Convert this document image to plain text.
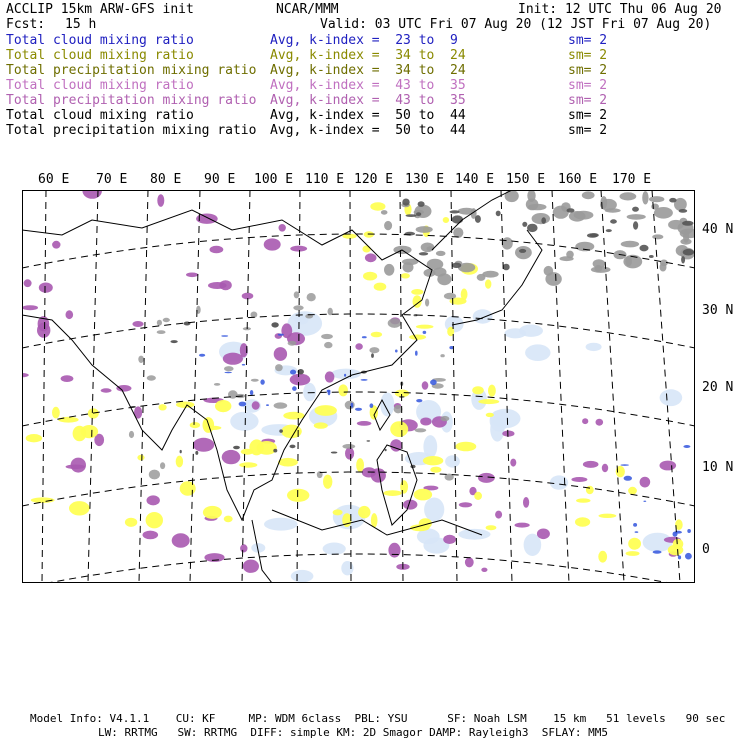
ACCLIP 15km ARW-GFS init	NCAR/MMM	Init: 12 UTC Thu 06 Aug 20
Fcst: 15 h	Valid: 03 UTC Fri 07 Aug 20 (12 JST Fri 07 Aug 20)
Total cloud mixing ratio	Avg, k-index =  23 to  9	sm= 2
Total cloud mixing ratio	Avg, k-index =  34 to  24	sm= 2
Total precipitation mixing ratio Avg, k-index =  34 to  24	sm= 2
Total cloud mixing ratio	Avg, k-index =  43 to  35	sm= 2
Total precipitation mixing ratio Avg, k-index =  43 to  35	sm= 2
Total cloud mixing ratio	Avg, k-index =  50 to  44	sm= 2
Total precipitation mixing ratio Avg, k-index =  50 to  44	sm= 2
60 E 70 E 80 E 90 E 100 E 110 E 120 E 130 E 140 E 150 E 160 E 170 E
40 N
30 N
20 N
10 N
0
Model Info: V4.1.1    CU: KF     MP: WDM 6class  PBL: YSU      SF: Noah LSM    15 km   51 levels   90 sec
LW: RRTMG   SW: RRTMG  DIFF: simple KM: 2D Smagor DAMP: Rayleigh3  SFLAY: MM5
